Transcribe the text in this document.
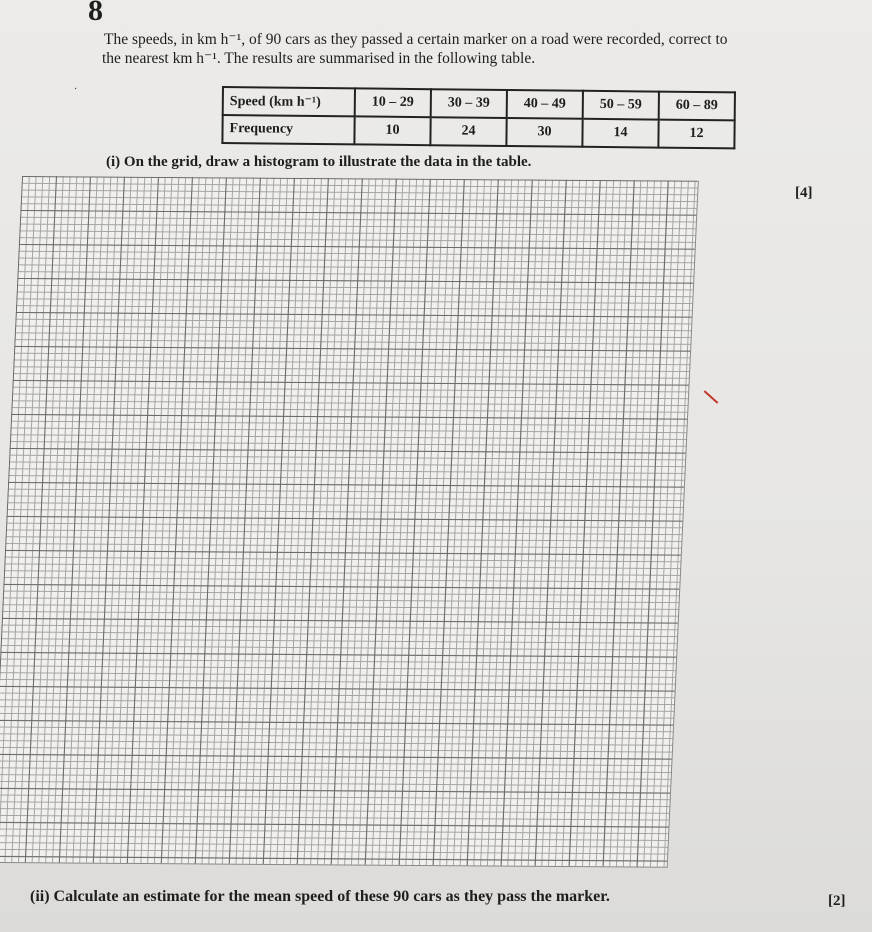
8
The speeds, in km h⁻¹, of 90 cars as they passed a certain marker on a road were recorded, correct to
the nearest km h⁻¹. The results are summarised in the following table.
·
Speed (km h⁻¹)	10 – 29	30 – 39	40 – 49	50 – 59	60 – 89
Frequency	10	24	30	14	12
(i) On the grid, draw a histogram to illustrate the data in the table.
[4]
(ii) Calculate an estimate for the mean speed of these 90 cars as they pass the marker.	[2]
